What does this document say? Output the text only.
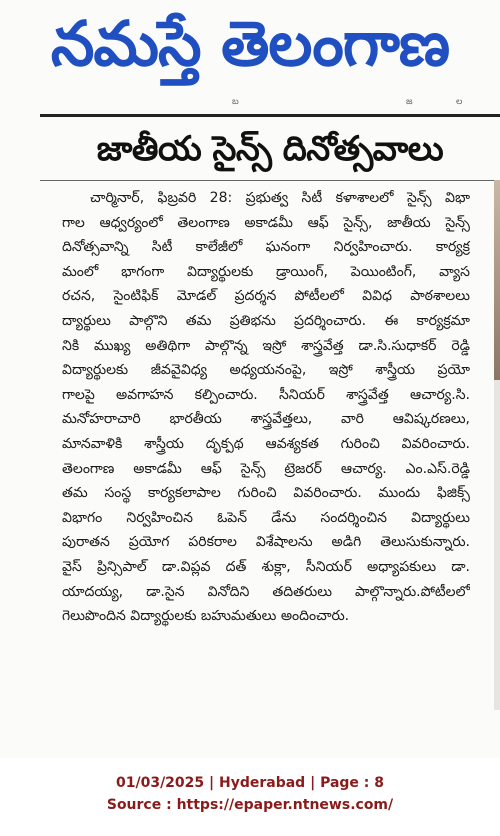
నమస్తే తెలంగాణ
బ	జ	ల
జాతీయ సైన్స్ దినోత్సవాలు
చార్మినార్, ఫిబ్రవరి 28: ప్రభుత్వ సిటీ కళాశాలలో సైన్స్ విభా
గాల ఆధ్వర్యంలో తెలంగాణ అకాడమీ ఆఫ్ సైన్స్, జాతీయ సైన్స్
దినోత్సవాన్ని సిటీ కాలేజీలో ఘనంగా నిర్వహించారు. కార్యక్ర
మంలో భాగంగా విద్యార్థులకు డ్రాయింగ్, పెయింటింగ్, వ్యాస
రచన, సైంటిఫిక్ మోడల్ ప్రదర్శన పోటీలలో వివిధ పాఠశాలలు
ద్యార్థులు పాల్గొని తమ ప్రతిభను ప్రదర్శించారు. ఈ కార్యక్రమా
నికి ముఖ్య అతిథిగా పాల్గొన్న ఇస్రో శాస్త్రవేత్త డా.సి.సుధాకర్ రెడ్డి
విద్యార్థులకు జీవవైవిధ్య అధ్యయనంపై, ఇస్రో శాస్త్రీయ ప్రయో
గాలపై అవగాహన కల్పించారు. సీనియర్ శాస్త్రవేత్త ఆచార్య.సి.
మనోహరాచారి భారతీయ శాస్త్రవేత్తలు, వారి ఆవిష్కరణలు,
మానవాళికి శాస్త్రీయ దృక్పథ ఆవశ్యకత గురించి వివరించారు.
తెలంగాణ అకాడమీ ఆఫ్ సైన్స్ ట్రెజరర్ ఆచార్య. ఎం.ఎస్.రెడ్డి
తమ సంస్థ కార్యకలాపాల గురించి వివరించారు. ముందు ఫిజిక్స్
విభాగం నిర్వహించిన ఓపెన్ డేను సందర్శించిన విద్యార్థులు
పురాతన ప్రయోగ పరికరాల విశేషాలను అడిగి తెలుసుకున్నారు.
వైస్ ప్రిన్సిపాల్ డా.విప్లవ దత్ శుక్లా, సీనియర్ అధ్యాపకులు డా.
యాదయ్య, డా.సైన వినోదిని తదితరులు పాల్గొన్నారు.పోటీలలో
గెలుపొందిన విద్యార్థులకు బహుమతులు అందించారు.
01/03/2025 | Hyderabad | Page : 8
Source : https://epaper.ntnews.com/
